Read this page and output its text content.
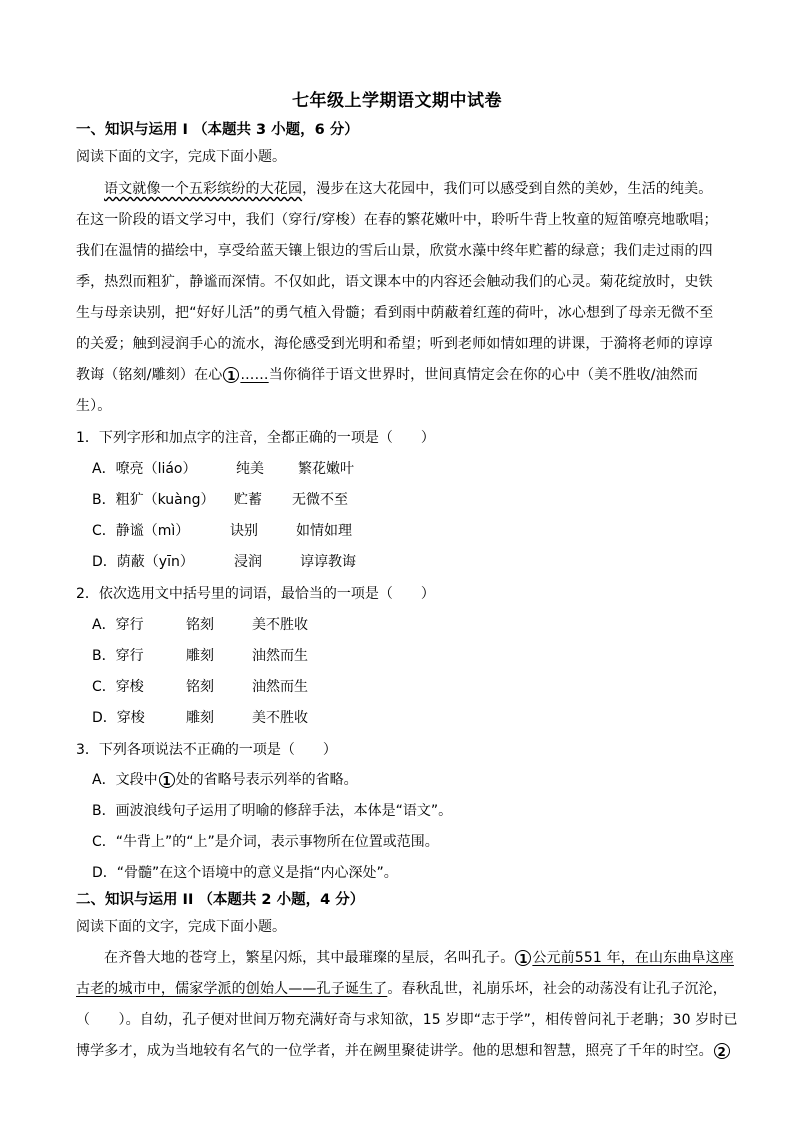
七年级上学期语文期中试卷
一、知识与运用 I （本题共 3 小题，6 分）
阅读下面的文字，完成下面小题。
语文就像一个五彩缤纷的大花园，漫步在这大花园中，我们可以感受到自然的美妙，生活的纯美。
在这一阶段的语文学习中，我们（穿行/穿梭）在春的繁花嫩叶中，聆听牛背上牧童的短笛嘹亮地歌唱；
我们在温情的描绘中，享受给蓝天镶上银边的雪后山景，欣赏水藻中终年贮蓄的绿意；我们走过雨的四
季，热烈而粗犷，静谧而深情。不仅如此，语文课本中的内容还会触动我们的心灵。菊花绽放时，史铁
生与母亲诀别，把“好好儿活”的勇气植入骨髓；看到雨中荫蔽着红莲的荷叶，冰心想到了母亲无微不至
的关爱；触到浸润手心的流水，海伦感受到光明和希望；听到老师如情如理的讲课，于漪将老师的谆谆
教诲（铭刻/雕刻）在心 1 ……当你徜徉于语文世界时，世间真情定会在你的心中（美不胜收/油然而
生）。
1．下列字形和加点字的注音，全都正确的一项是（　　）
A．嘹亮（liáo）	纯美 繁花嫩叶
B．粗犷（kuàng） 贮蓄 无微不至
C．静谧（mì）	诀别	如情如理
D．荫蔽（yīn）	浸润	谆谆教诲
2．依次选用文中括号里的词语，最恰当的一项是（　　）
A．穿行	铭刻	美不胜收
B．穿行	雕刻	油然而生
C．穿梭	铭刻	油然而生
D．穿梭	雕刻	美不胜收
3．下列各项说法不正确的一项是（　　）
A．文段中 1 处的省略号表示列举的省略。
B．画波浪线句子运用了明喻的修辞手法，本体是“语文”。
C．“牛背上”的“上”是介词，表示事物所在位置或范围。
D．“骨髓”在这个语境中的意义是指“内心深处”。
二、知识与运用 II （本题共 2 小题，4 分）
阅读下面的文字，完成下面小题。
在齐鲁大地的苍穹上，繁星闪烁，其中最璀璨的星辰，名叫孔子。 1 公元前551 年，在山东曲阜这座
古老的城市中，儒家学派的创始人——孔子诞生了。春秋乱世，礼崩乐坏，社会的动荡没有让孔子沉沦，
（　　）。自幼，孔子便对世间万物充满好奇与求知欲，15 岁即“志于学”，相传曾问礼于老聃；30 岁时已
博学多才，成为当地较有名气的一位学者，并在阙里聚徒讲学。他的思想和智慧，照亮了千年的时空。 2
